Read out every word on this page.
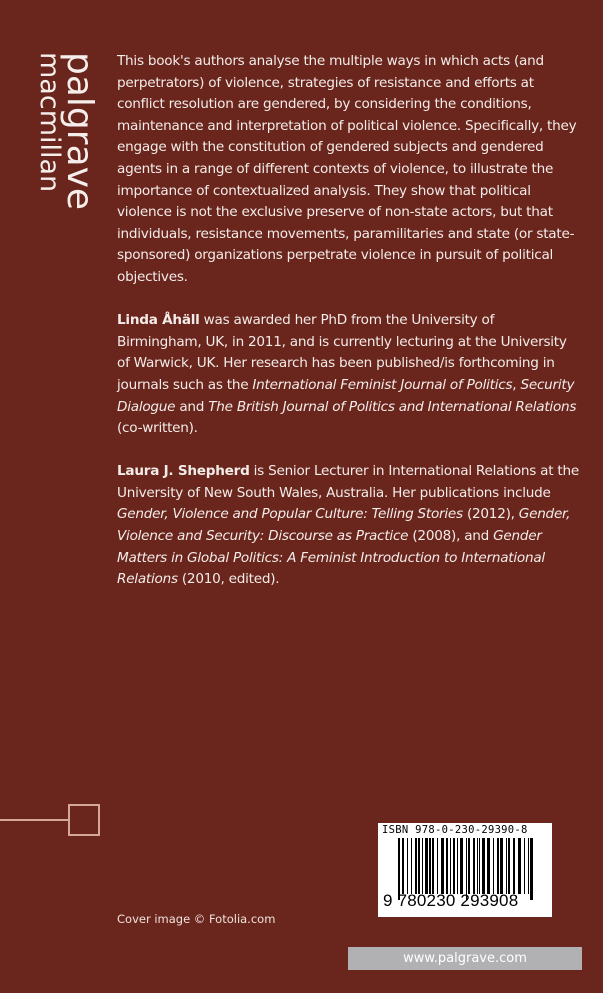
palgrave
macmillan	This book's authors analyse the multiple ways in which acts (and perpetrators) of violence, strategies of resistance and efforts at conflict resolution are gendered, by considering the conditions, maintenance and interpretation of political violence. Specifically, they engage with the constitution of gendered subjects and gendered agents in a range of different contexts of violence, to illustrate the importance of contextualized analysis. They show that political violence is not the exclusive preserve of non-state actors, but that individuals, resistance movements, paramilitaries and state (or state-sponsored) organizations perpetrate violence in pursuit of political objectives.

Linda Åhäll was awarded her PhD from the University of Birmingham, UK, in 2011, and is currently lecturing at the University of Warwick, UK. Her research has been published/is forthcoming in journals such as the International Feminist Journal of Politics, Security Dialogue and The British Journal of Politics and International Relations (co-written).

Laura J. Shepherd is Senior Lecturer in International Relations at the University of New South Wales, Australia. Her publications include Gender, Violence and Popular Culture: Telling Stories (2012), Gender, Violence and Security: Discourse as Practice (2008), and Gender Matters in Global Politics: A Feminist Introduction to International Relations (2010, edited).

Cover image © Fotolia.com
ISBN 978-0-230-29390-8
9 780230 293908
www.palgrave.com
